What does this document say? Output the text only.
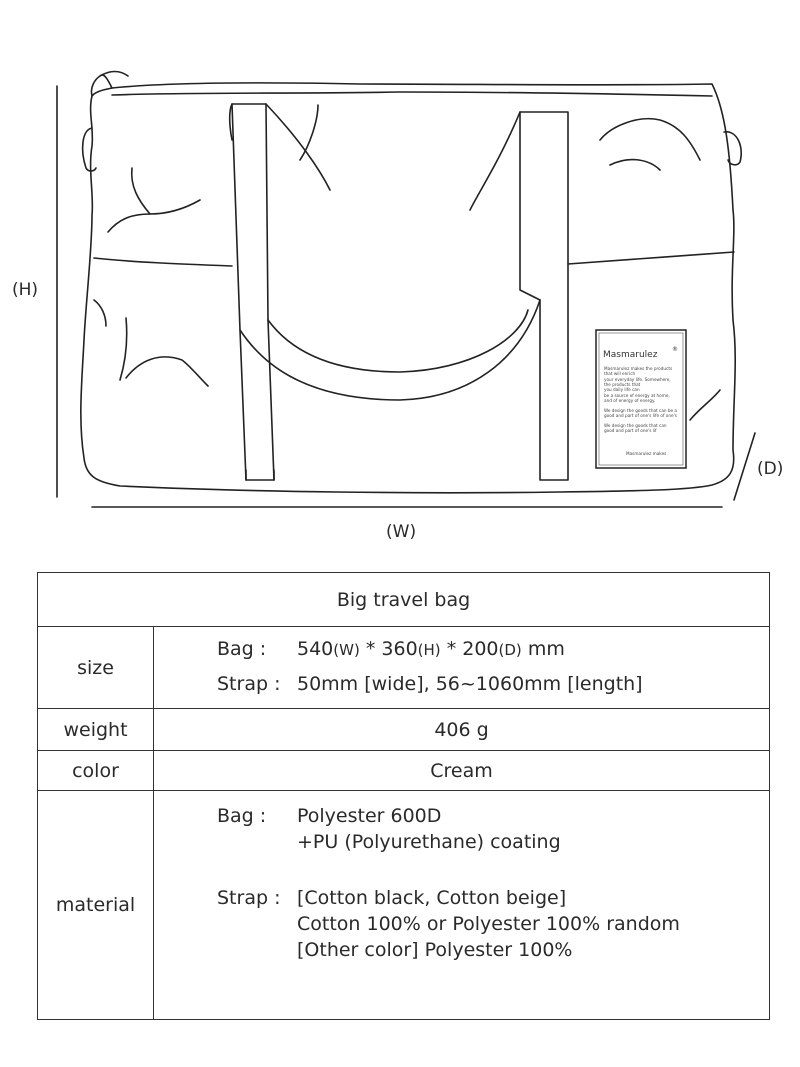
Masmarulez
®
Masmarulez makes the products
that will enrich
your everyday life. Somewhere,
the products that
you daily life can
be a source of energy at home,
and of energy of energy.
We design the goods that can be a
good and part of one's life of one's
We design the goods that can
good and part of one's lif
Masmarulez makes
(H)
(W)
(D)
Big travel bag
size
Bag : 540(W) * 360(H) * 200(D) mm
Strap : 50mm [wide], 56~1060mm [length]
weight	406 g
color	Cream
material
Bag : Polyester 600D
+PU (Polyurethane) coating
Strap : [Cotton black, Cotton beige]
Cotton 100% or Polyester 100% random
[Other color] Polyester 100%
